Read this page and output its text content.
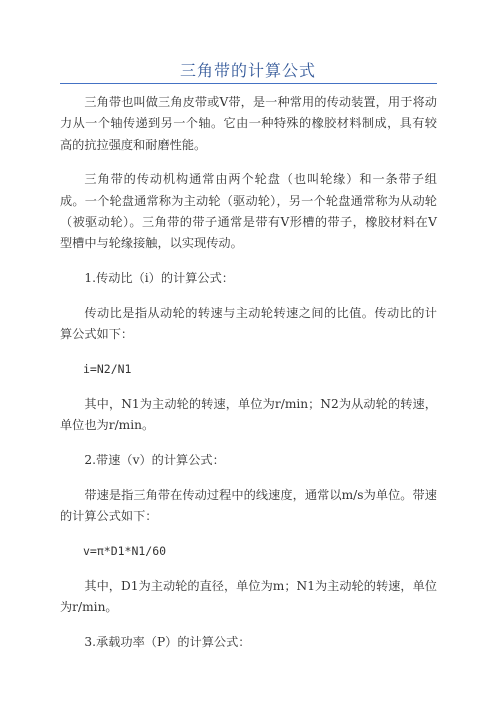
三角带的计算公式

三角带也叫做三角皮带或V带，是一种常用的传动装置，用于将动力从一个轴传递到另一个轴。它由一种特殊的橡胶材料制成，具有较高的抗拉强度和耐磨性能。

三角带的传动机构通常由两个轮盘（也叫轮缘）和一条带子组成。一个轮盘通常称为主动轮（驱动轮），另一个轮盘通常称为从动轮（被驱动轮）。三角带的带子通常是带有V形槽的带子，橡胶材料在V型槽中与轮缘接触，以实现传动。

1.传动比（i）的计算公式：

传动比是指从动轮的转速与主动轮转速之间的比值。传动比的计算公式如下：

i=N2/N1

其中，N1为主动轮的转速，单位为r/min；N2为从动轮的转速，单位也为r/min。

2.带速（v）的计算公式：

带速是指三角带在传动过程中的线速度，通常以m/s为单位。带速的计算公式如下：

v=π*D1*N1/60

其中，D1为主动轮的直径，单位为m；N1为主动轮的转速，单位为r/min。

3.承载功率（P）的计算公式：
